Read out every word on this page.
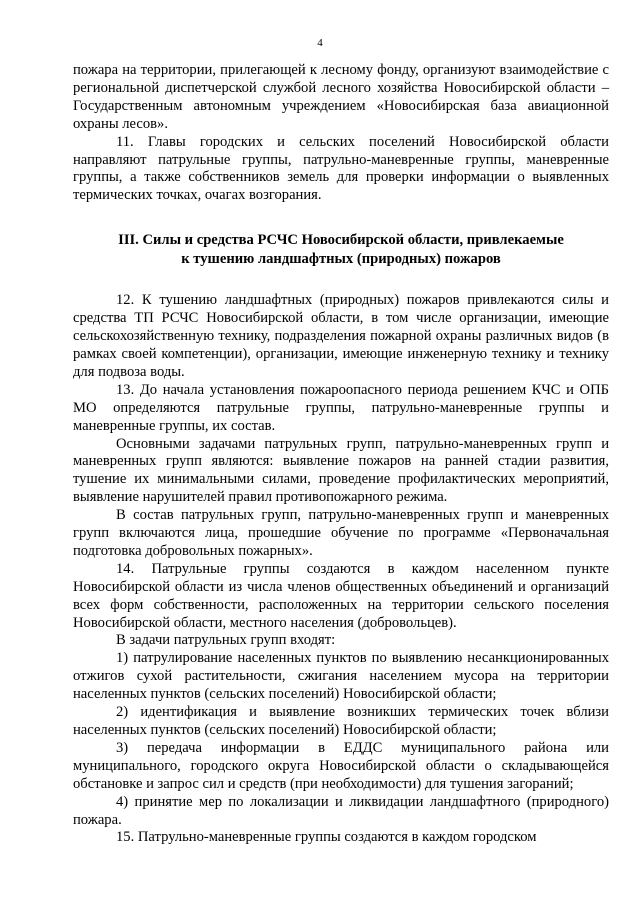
4

пожара на территории, прилегающей к лесному фонду, организуют взаимодействие с региональной диспетчерской службой лесного хозяйства Новосибирской области – Государственным автономным учреждением «Новосибирская база авиационной охраны лесов».

11. Главы городских и сельских поселений Новосибирской области направляют патрульные группы, патрульно-маневренные группы, маневренные группы, а также собственников земель для проверки информации о выявленных термических точках, очагах возгорания.

III. Силы и средства РСЧС Новосибирской области, привлекаемые
к тушению ландшафтных (природных) пожаров

12. К тушению ландшафтных (природных) пожаров привлекаются силы и средства ТП РСЧС Новосибирской области, в том числе организации, имеющие сельскохозяйственную технику, подразделения пожарной охраны различных видов (в рамках своей компетенции), организации, имеющие инженерную технику и технику для подвоза воды.

13. До начала установления пожароопасного периода решением КЧС и ОПБ МО определяются патрульные группы, патрульно-маневренные группы и маневренные группы, их состав.

Основными задачами патрульных групп, патрульно-маневренных групп и маневренных групп являются: выявление пожаров на ранней стадии развития, тушение их минимальными силами, проведение профилактических мероприятий, выявление нарушителей правил противопожарного режима.

В состав патрульных групп, патрульно-маневренных групп и маневренных групп включаются лица, прошедшие обучение по программе «Первоначальная подготовка добровольных пожарных».

14. Патрульные группы создаются в каждом населенном пункте Новосибирской области из числа членов общественных объединений и организаций всех форм собственности, расположенных на территории сельского поселения Новосибирской области, местного населения (добровольцев).

В задачи патрульных групп входят:

1) патрулирование населенных пунктов по выявлению несанкционированных отжигов сухой растительности, сжигания населением мусора на территории населенных пунктов (сельских поселений) Новосибирской области;

2) идентификация и выявление возникших термических точек вблизи населенных пунктов (сельских поселений) Новосибирской области;

3) передача информации в ЕДДС муниципального района или муниципального, городского округа Новосибирской области о складывающейся обстановке и запрос сил и средств (при необходимости) для тушения загораний;

4) принятие мер по локализации и ликвидации ландшафтного (природного) пожара.

15. Патрульно-маневренные группы создаются в каждом городском
